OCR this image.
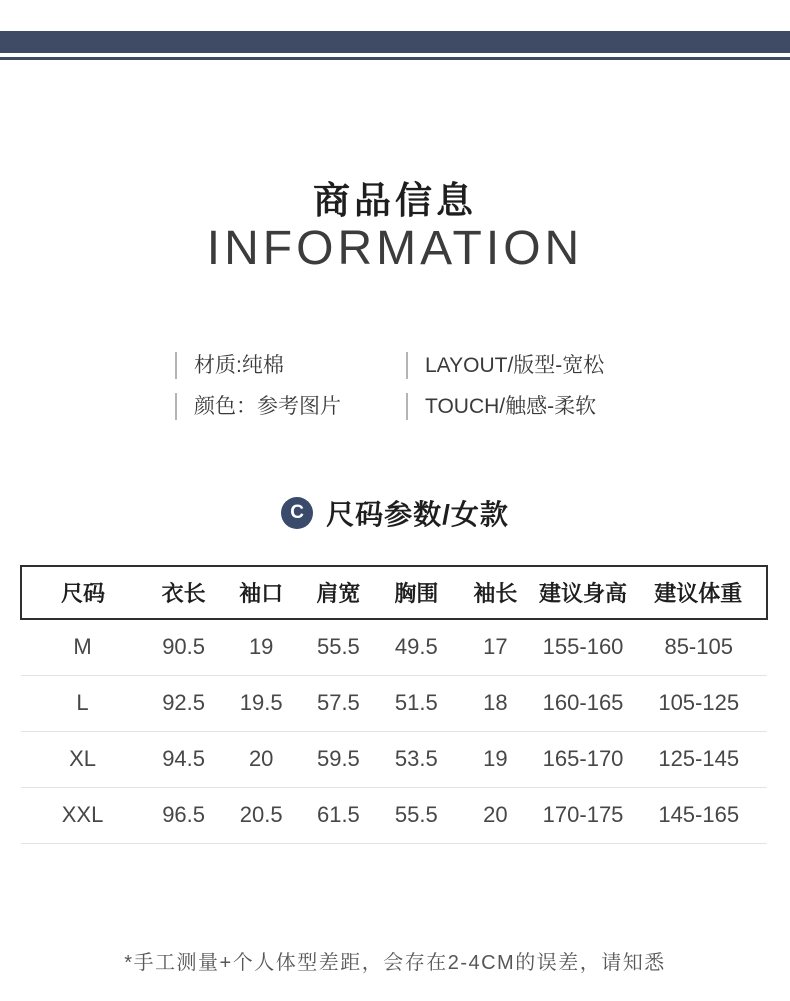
商品信息
INFORMATION
材质:纯棉
颜色：参考图片
LAYOUT/版型-宽松
TOUCH/触感-柔软
C 尺码参数/女款
尺码	衣长	袖口	肩宽	胸围	袖长	建议身高	建议体重
M	90.5	19	55.5	49.5	17	155-160	85-105
L	92.5	19.5	57.5	51.5	18	160-165	105-125
XL	94.5	20	59.5	53.5	19	165-170	125-145
XXL	96.5	20.5	61.5	55.5	20	170-175	145-165
*手工测量+个人体型差距，会存在2-4CM的误差，请知悉
